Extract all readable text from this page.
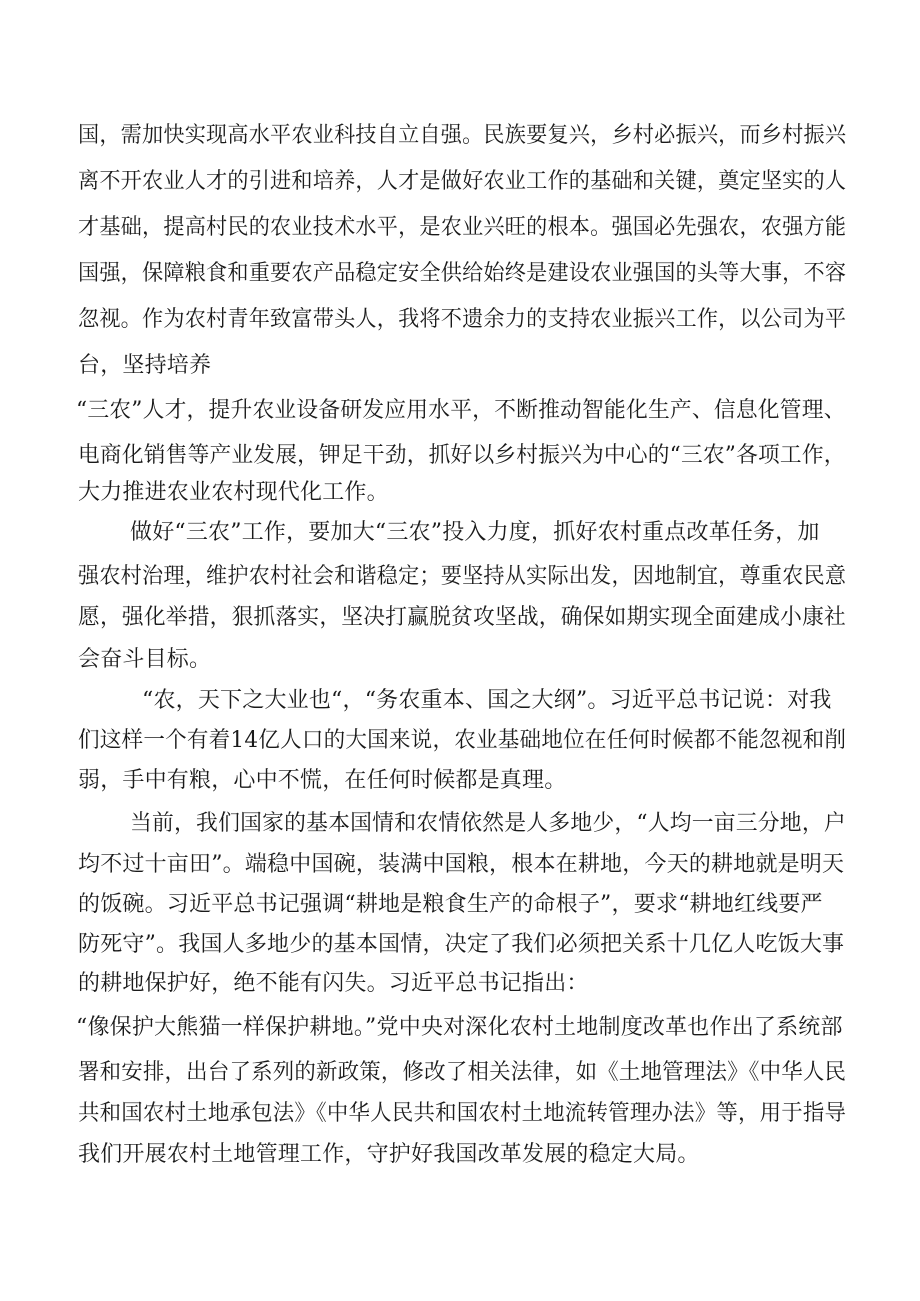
国，需加快实现高水平农业科技自立自强。民族要复兴，乡村必振兴，而乡村振兴
离不开农业人才的引进和培养，人才是做好农业工作的基础和关键，奠定坚实的人
才基础，提高村民的农业技术水平，是农业兴旺的根本。强国必先强农，农强方能
国强，保障粮食和重要农产品稳定安全供给始终是建设农业强国的头等大事，不容
忽视。作为农村青年致富带头人，我将不遗余力的支持农业振兴工作，以公司为平
台，坚持培养
“三农”人才，提升农业设备研发应用水平，不断推动智能化生产、信息化管理、
电商化销售等产业发展，钾足干劲，抓好以乡村振兴为中心的“三农”各项工作，
大力推进农业农村现代化工作。
做好“三农”工作，要加大“三农”投入力度，抓好农村重点改革任务，加
强农村治理，维护农村社会和谐稳定；要坚持从实际出发，因地制宜，尊重农民意
愿，强化举措，狠抓落实，坚决打赢脱贫攻坚战，确保如期实现全面建成小康社
会奋斗目标。
“农，天下之大业也“，“务农重本、国之大纲”。习近平总书记说：对我
们这样一个有着14亿人口的大国来说，农业基础地位在任何时候都不能忽视和削
弱，手中有粮，心中不慌，在任何时候都是真理。
当前，我们国家的基本国情和农情依然是人多地少，“人均一亩三分地，户
均不过十亩田”。端稳中国碗，装满中国粮，根本在耕地，今天的耕地就是明天
的饭碗。习近平总书记强调“耕地是粮食生产的命根子”，要求“耕地红线要严
防死守”。我国人多地少的基本国情，决定了我们必须把关系十几亿人吃饭大事
的耕地保护好，绝不能有闪失。习近平总书记指出：
“像保护大熊猫一样保护耕地。”党中央对深化农村土地制度改革也作出了系统部
署和安排，出台了系列的新政策，修改了相关法律，如《土地管理法》《中华人民
共和国农村土地承包法》《中华人民共和国农村土地流转管理办法》等，用于指导
我们开展农村土地管理工作，守护好我国改革发展的稳定大局。
